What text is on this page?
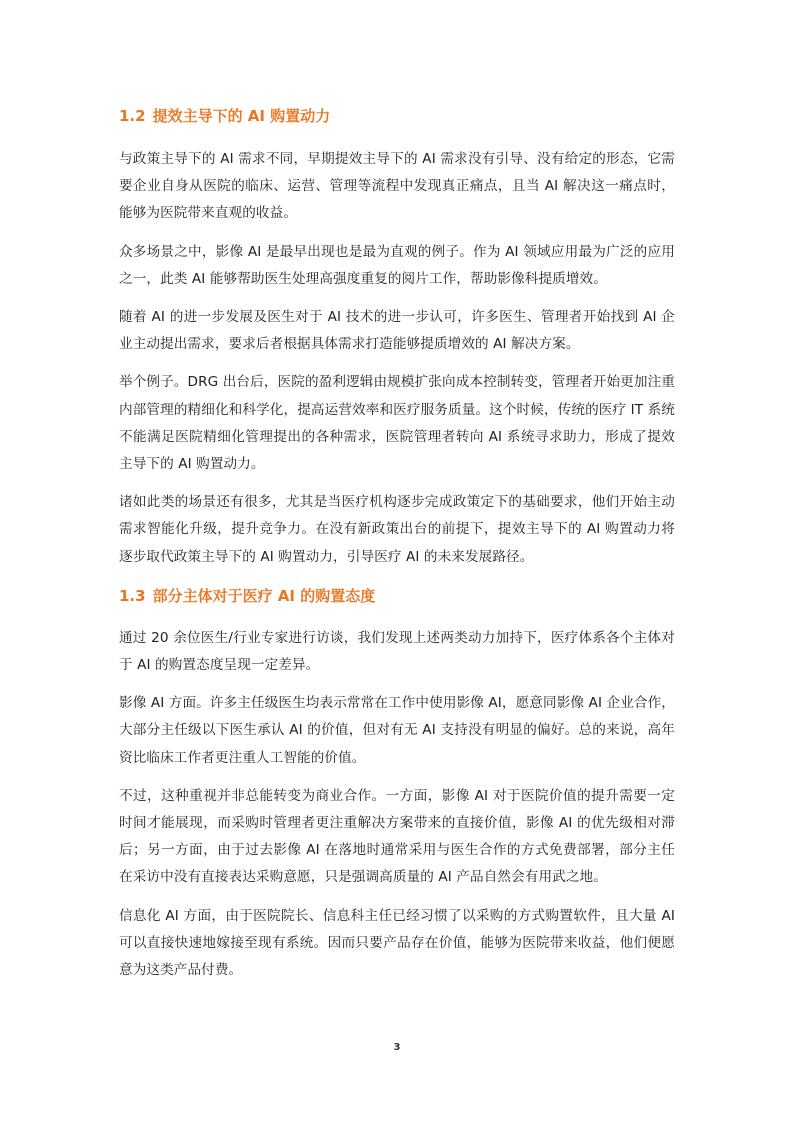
1.2 提效主导下的 AI 购置动力

与政策主导下的 AI 需求不同，早期提效主导下的 AI 需求没有引导、没有给定的形态，它需要企业自身从医院的临床、运营、管理等流程中发现真正痛点，且当 AI 解决这一痛点时，能够为医院带来直观的收益。

众多场景之中，影像 AI 是最早出现也是最为直观的例子。作为 AI 领域应用最为广泛的应用之一，此类 AI 能够帮助医生处理高强度重复的阅片工作，帮助影像科提质增效。

随着 AI 的进一步发展及医生对于 AI 技术的进一步认可，许多医生、管理者开始找到 AI 企业主动提出需求，要求后者根据具体需求打造能够提质增效的 AI 解决方案。

举个例子。DRG 出台后，医院的盈利逻辑由规模扩张向成本控制转变，管理者开始更加注重内部管理的精细化和科学化，提高运营效率和医疗服务质量。这个时候，传统的医疗 IT 系统不能满足医院精细化管理提出的各种需求，医院管理者转向 AI 系统寻求助力，形成了提效主导下的 AI 购置动力。

诸如此类的场景还有很多，尤其是当医疗机构逐步完成政策定下的基础要求，他们开始主动需求智能化升级，提升竞争力。在没有新政策出台的前提下，提效主导下的 AI 购置动力将逐步取代政策主导下的 AI 购置动力，引导医疗 AI 的未来发展路径。

1.3 部分主体对于医疗 AI 的购置态度

通过 20 余位医生/行业专家进行访谈，我们发现上述两类动力加持下，医疗体系各个主体对于 AI 的购置态度呈现一定差异。

影像 AI 方面。许多主任级医生均表示常常在工作中使用影像 AI，愿意同影像 AI 企业合作，大部分主任级以下医生承认 AI 的价值，但对有无 AI 支持没有明显的偏好。总的来说，高年资比临床工作者更注重人工智能的价值。

不过，这种重视并非总能转变为商业合作。一方面，影像 AI 对于医院价值的提升需要一定时间才能展现，而采购时管理者更注重解决方案带来的直接价值，影像 AI 的优先级相对滞后；另一方面，由于过去影像 AI 在落地时通常采用与医生合作的方式免费部署，部分主任在采访中没有直接表达采购意愿，只是强调高质量的 AI 产品自然会有用武之地。

信息化 AI 方面，由于医院院长、信息科主任已经习惯了以采购的方式购置软件，且大量 AI 可以直接快速地嫁接至现有系统。因而只要产品存在价值，能够为医院带来收益，他们便愿意为这类产品付费。

3
